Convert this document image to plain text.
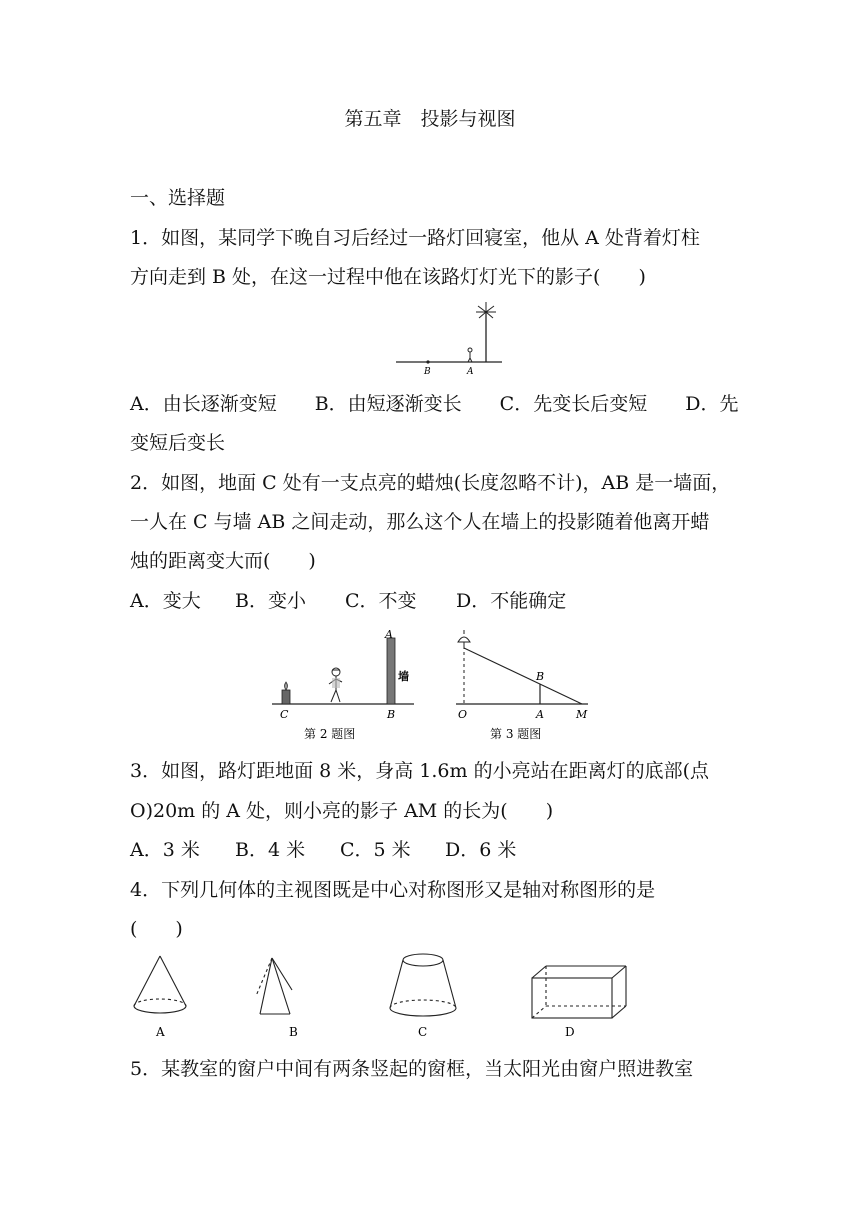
第五章　投影与视图
一、选择题
1．如图，某同学下晚自习后经过一路灯回寝室，他从 A 处背着灯柱
方向走到 B 处，在这一过程中他在该路灯灯光下的影子(　　)
B	A
A．由长逐渐变短　　B．由短逐渐变长　　C．先变长后变短　　D．先
变短后变长
2．如图，地面 C 处有一支点亮的蜡烛(长度忽略不计)，AB 是一墙面，
一人在 C 与墙 AB 之间走动，那么这个人在墙上的投影随着他离开蜡
烛的距离变大而(　　)
A．变大 B．变小 C．不变 D．不能确定
C	B
A
墙
第 2 题图
O	A	M
B
第 3 题图
3．如图，路灯距地面 8 米，身高 1.6m 的小亮站在距离灯的底部(点
O)20m 的 A 处，则小亮的影子 AM 的长为(　　)
A．3 米 B．4 米 C．5 米 D．6 米
4．下列几何体的主视图既是中心对称图形又是轴对称图形的是
(　　)
A	B	C	D
5．某教室的窗户中间有两条竖起的窗框，当太阳光由窗户照进教室
